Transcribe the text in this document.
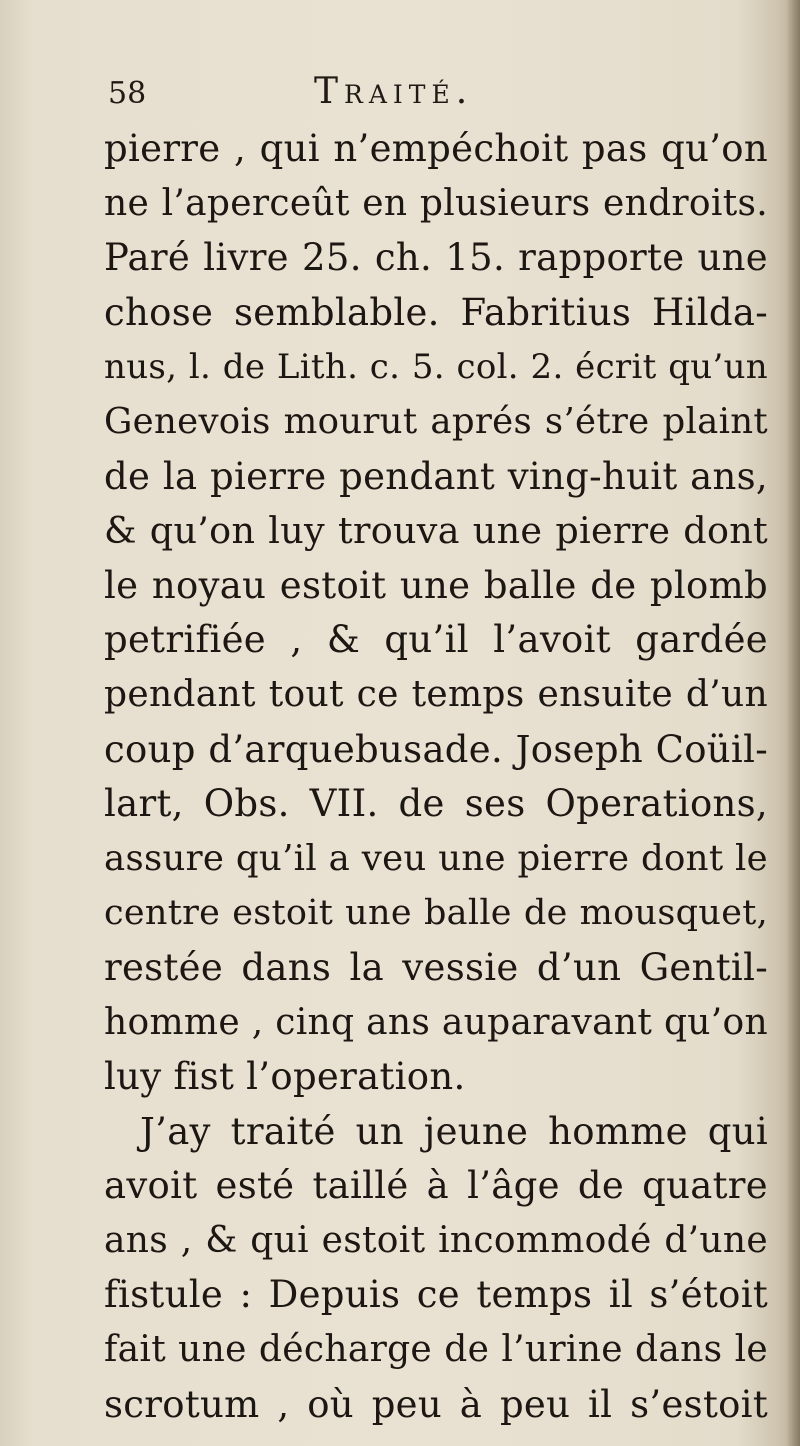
58	Traité.
pierre , qui n’empéchoit pas qu’on
ne l’aperceût en plusieurs endroits.
Paré livre 25. ch. 15. rapporte une
chose semblable. Fabritius Hilda-
nus, l. de Lith. c. 5. col. 2. écrit qu’un
Genevois mourut aprés s’étre plaint
de la pierre pendant ving-huit ans,
& qu’on luy trouva une pierre dont
le noyau estoit une balle de plomb
petrifiée , & qu’il l’avoit gardée
pendant tout ce temps ensuite d’un
coup d’arquebusade. Joseph Coüil-
lart, Obs. VII. de ses Operations,
assure qu’il a veu une pierre dont le
centre estoit une balle de mousquet,
restée dans la vessie d’un Gentil-
homme , cinq ans auparavant qu’on
luy fist l’operation.
J’ay traité un jeune homme qui
avoit esté taillé à l’âge de quatre
ans , & qui estoit incommodé d’une
fistule : Depuis ce temps il s’étoit
fait une décharge de l’urine dans le
scrotum , où peu à peu il s’estoit
